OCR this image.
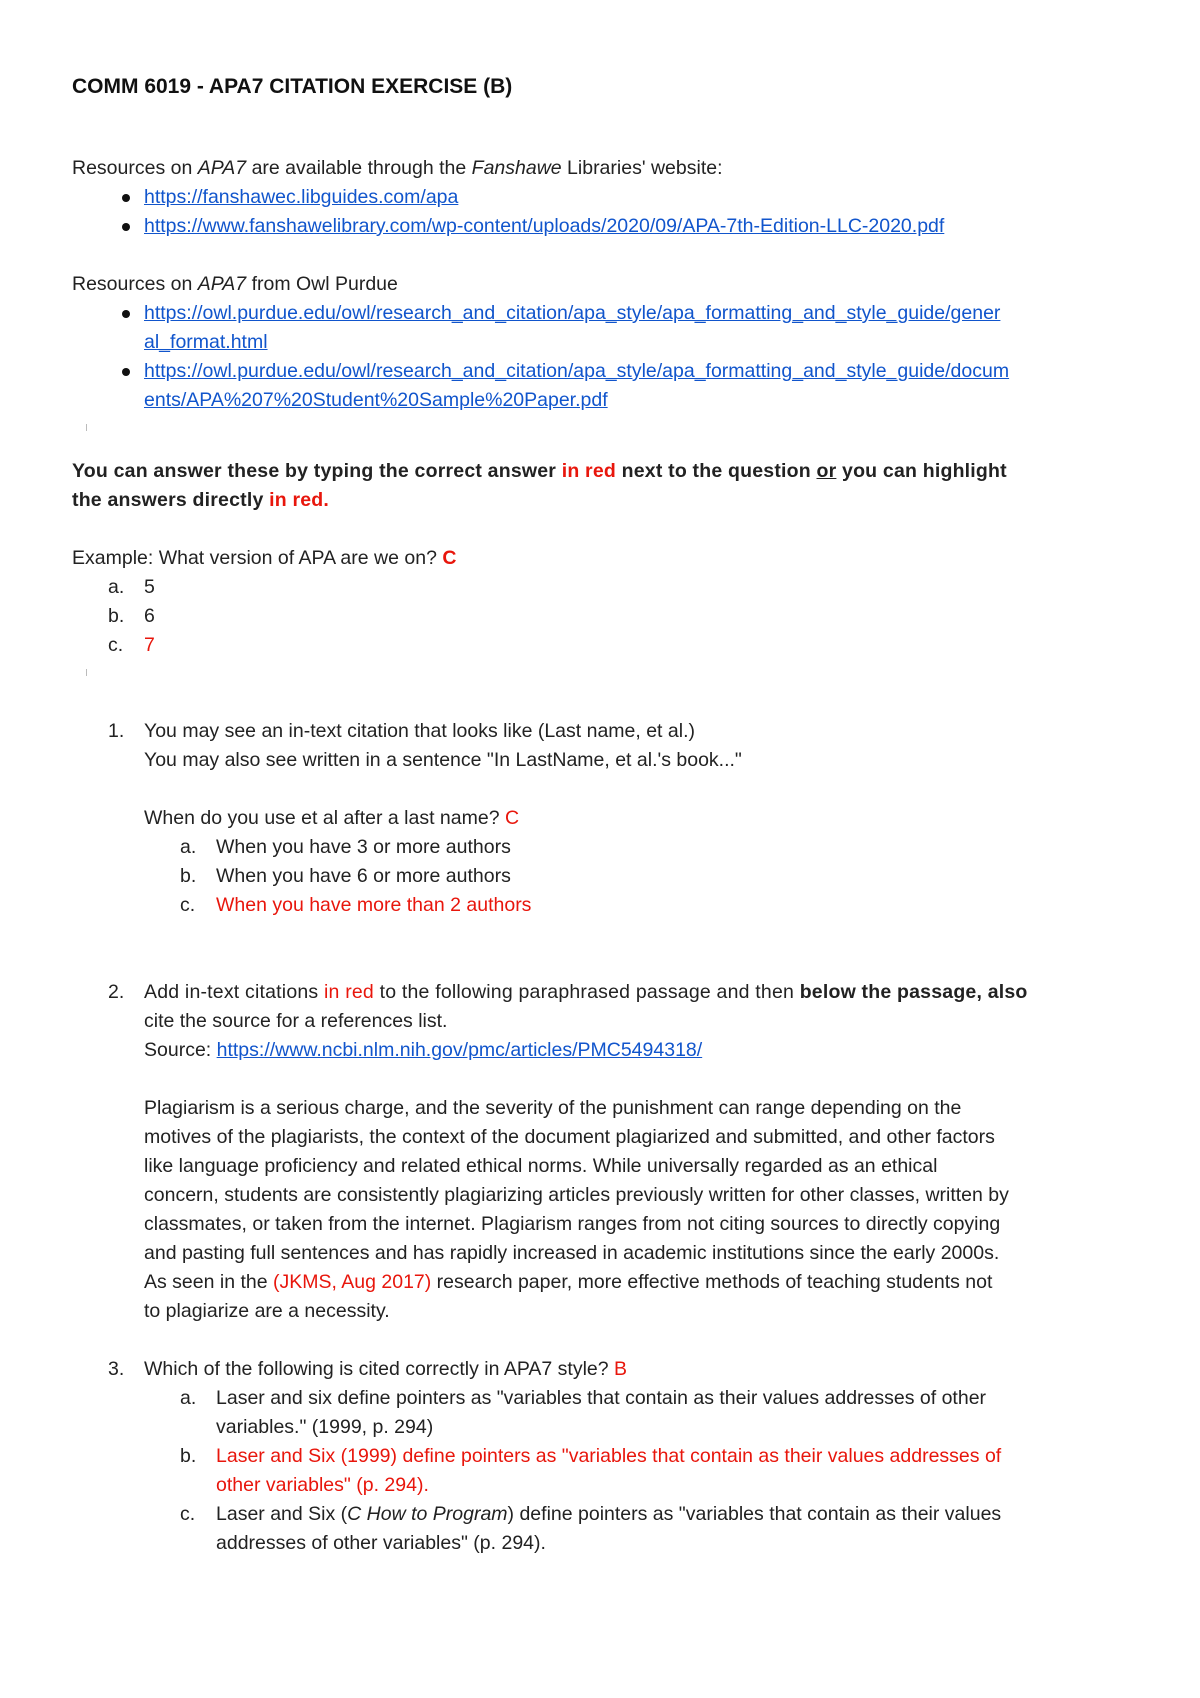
COMM 6019 - APA7 CITATION EXERCISE (B)

Resources on APA7 are available through the Fanshawe Libraries' website:

https://fanshawec.libguides.com/apa
https://www.fanshawelibrary.com/wp-content/uploads/2020/09/APA-7th-Edition-LLC-2020.pdf

Resources on APA7 from Owl Purdue

https://owl.purdue.edu/owl/research_and_citation/apa_style/apa_formatting_and_style_guide/gener
al_format.html
https://owl.purdue.edu/owl/research_and_citation/apa_style/apa_formatting_and_style_guide/docum
ents/APA%207%20Student%20Sample%20Paper.pdf

You can answer these by typing the correct answer in red next to the question or you can highlight
the answers directly in red.

Example: What version of APA are we on? C

a. 5
b. 6
c.	7
1. You may see an in-text citation that looks like (Last name, et al.)

You may also see written in a sentence "In LastName, et al.'s book..."

When do you use et al after a last name? C

a. When you have 3 or more authors
b. When you have 6 or more authors
c.	When you have more than 2 authors
2. Add in-text citations in red to the following paraphrased passage and then below the passage, also

cite the source for a references list.

Source: https://www.ncbi.nlm.nih.gov/pmc/articles/PMC5494318/

Plagiarism is a serious charge, and the severity of the punishment can range depending on the

motives of the plagiarists, the context of the document plagiarized and submitted, and other factors

like language proficiency and related ethical norms. While universally regarded as an ethical

concern, students are consistently plagiarizing articles previously written for other classes, written by

classmates, or taken from the internet. Plagiarism ranges from not citing sources to directly copying

and pasting full sentences and has rapidly increased in academic institutions since the early 2000s.

As seen in the (JKMS, Aug 2017) research paper, more effective methods of teaching students not

to plagiarize are a necessity.

3. Which of the following is cited correctly in APA7 style? B

a. Laser and six define pointers as "variables that contain as their values addresses of other
variables." (1999, p. 294)
b. Laser and Six (1999) define pointers as "variables that contain as their values addresses of
other variables" (p. 294).
c.	Laser and Six (C How to Program) define pointers as "variables that contain as their values
addresses of other variables" (p. 294).
